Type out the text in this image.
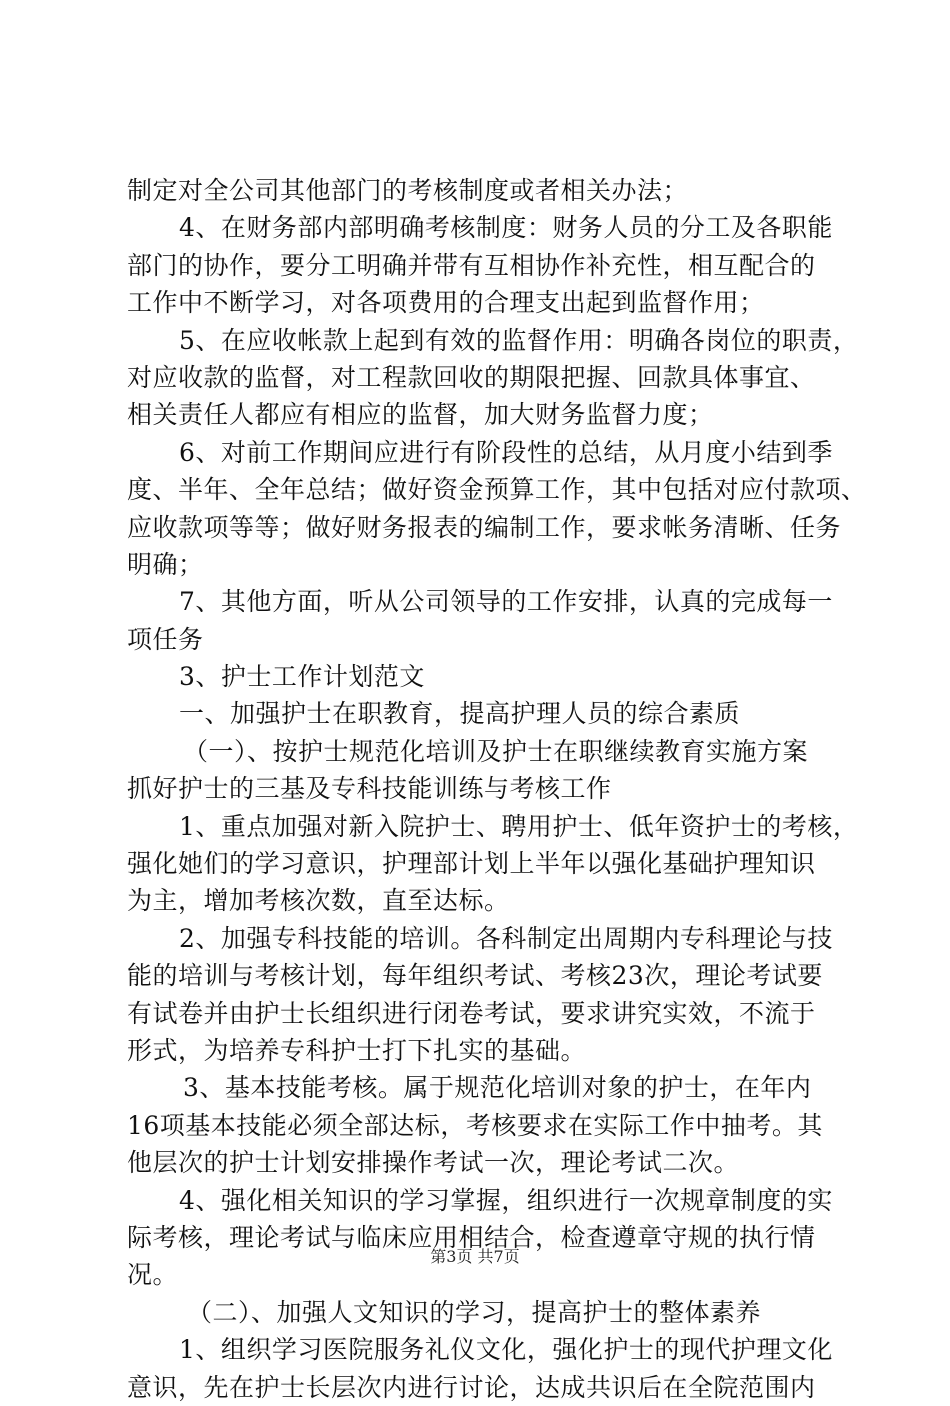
制定对全公司其他部门的考核制度或者相关办法；
4、在财务部内部明确考核制度：财务人员的分工及各职能
部门的协作，要分工明确并带有互相协作补充性，相互配合的
工作中不断学习，对各项费用的合理支出起到监督作用；
5、在应收帐款上起到有效的监督作用：明确各岗位的职责，
对应收款的监督，对工程款回收的期限把握、回款具体事宜、
相关责任人都应有相应的监督，加大财务监督力度；
6、对前工作期间应进行有阶段性的总结，从月度小结到季
度、半年、全年总结；做好资金预算工作，其中包括对应付款项、
应收款项等等；做好财务报表的编制工作，要求帐务清晰、任务
明确；
7、其他方面，听从公司领导的工作安排，认真的完成每一
项任务
3、护士工作计划范文
一、加强护士在职教育，提高护理人员的综合素质
（一）、按护士规范化培训及护士在职继续教育实施方案
抓好护士的三基及专科技能训练与考核工作
1、重点加强对新入院护士、聘用护士、低年资护士的考核，
强化她们的学习意识，护理部计划上半年以强化基础护理知识
为主，增加考核次数，直至达标。
2、加强专科技能的培训。各科制定出周期内专科理论与技
能的培训与考核计划，每年组织考试、考核23次，理论考试要
有试卷并由护士长组织进行闭卷考试，要求讲究实效，不流于
形式，为培养专科护士打下扎实的基础。
3、基本技能考核。属于规范化培训对象的护士，在年内
16项基本技能必须全部达标，考核要求在实际工作中抽考。其
他层次的护士计划安排操作考试一次，理论考试二次。
4、强化相关知识的学习掌握，组织进行一次规章制度的实
际考核，理论考试与临床应用相结合，检查遵章守规的执行情
况。
（二）、加强人文知识的学习，提高护士的整体素养
1、组织学习医院服务礼仪文化，强化护士的现代护理文化
意识，先在护士长层次内进行讨论，达成共识后在全院范围内
第3页 共7页
